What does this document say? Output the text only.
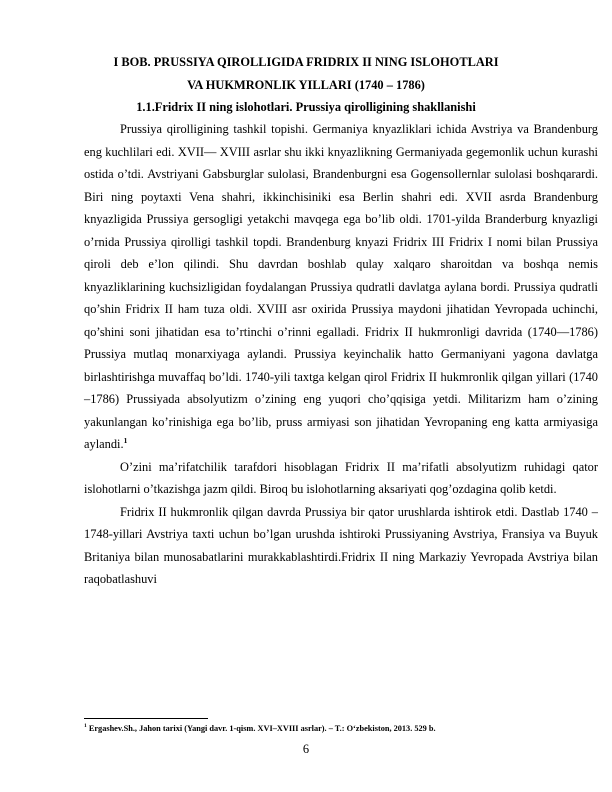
I BOB. PRUSSIYA QIROLLIGIDA FRIDRIX II NING ISLOHOTLARI
VA HUKMRONLIK YILLARI (1740 – 1786)
1.1.Fridrix II ning islohotlari. Prussiya qirolligining shakllanishi

Prussiya qirolligining tashkil topishi. Germaniya knyazliklari ichida Avstriya va Brandenburg eng kuchlilari edi. XVII— XVIII asrlar shu ikki knyazlikning Germaniyada gegemonlik uchun kurashi ostida o’tdi. Avstriyani Gabsburglar sulolasi, Brandenburgni esa Gogensollernlar sulolasi boshqarardi. Biri ning poytaxti Vena shahri, ikkinchisiniki esa Berlin shahri edi. XVII asrda Brandenburg knyazligida Prussiya gersogligi yetakchi mavqega ega bo’lib oldi. 1701-yilda Branderburg knyazligi o’rnida Prussiya qirolligi tashkil topdi. Brandenburg knyazi Fridrix III Fridrix I nomi bilan Prussiya qiroli deb e’lon qilindi. Shu davrdan boshlab qulay xalqaro sharoitdan va boshqa nemis knyazliklarining kuchsizligidan foydalangan Prussiya qudratli davlatga aylana bordi. Prussiya qudratli qo’shin Fridrix II ham tuza oldi. XVIII asr oxirida Prussiya maydoni jihatidan Yevropada uchinchi, qo’shini soni jihatidan esa to’rtinchi o’rinni egalladi. Fridrix II hukmronligi davrida (1740—1786) Prussiya mutlaq monarxiyaga aylandi. Prussiya keyinchalik hatto Germaniyani yagona davlatga birlashtirishga muvaffaq bo’ldi. 1740-yili taxtga kelgan qirol Fridrix II hukmronlik qilgan yillari (1740 –1786) Prussiyada absolyutizm o’zining eng yuqori cho’qqisiga yetdi. Militarizm ham o’zining yakunlangan ko’rinishiga ega bo’lib, pruss armiyasi son jihatidan Yevropaning eng katta armiyasiga aylandi.$^1$

O’zini maʼrifatchilik tarafdori hisoblagan Fridrix II maʼrifatli absolyutizm ruhidagi qator islohotlarni o’tkazishga jazm qildi. Biroq bu islohotlarning aksariyati qog’ozdagina qolib ketdi.

Fridrix II hukmronlik qilgan davrda Prussiya bir qator urushlarda ishtirok etdi. Dastlab 1740 –1748-yillari Avstriya taxti uchun bo’lgan urushda ishtiroki Prussiyaning Avstriya, Fransiya va Buyuk Britaniya bilan munosabatlarini murakkablashtirdi.Fridrix II ning Markaziy Yevropada Avstriya bilan raqobatlashuvi

$^1$ Ergashev.Sh., Jahon tarixi (Yangi davr. 1-qism. XVI–XVIII asrlar). – T.: O‘zbekiston, 2013. 529 b.
6
